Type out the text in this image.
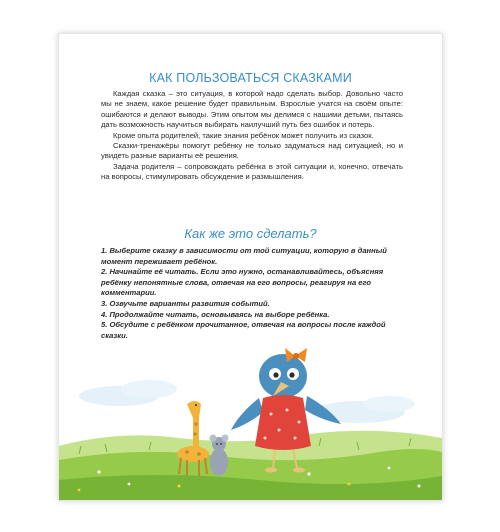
КАК ПОЛЬЗОВАТЬСЯ СКАЗКАМИ

Каждая сказка – это ситуация, в которой надо сделать выбор. Довольно часто мы не знаем, какое решение будет правильным. Взрослые учатся на своём опыте: ошибаются и делают выводы. Этим опытом мы делимся с нашими детьми, пытаясь дать возможность научиться выбирать наилучший путь без ошибок и потерь.

Кроме опыта родителей, такие знания ребёнок может получить из сказок.

Сказки-тренажёры помогут ребёнку не только задуматься над ситуацией, но и увидеть разные варианты её решения.

Задача родителя – сопровождать ребёнка в этой ситуации и, конечно, отвечать на вопросы, стимулировать обсуждение и размышления.

Как же это сделать?

1. Выберите сказку в зависимости от той ситуации, которую в данный момент переживает ребёнок.

2. Начинайте её читать. Если это нужно, останавливайтесь, объясняя ребёнку непонятные слова, отвечая на его вопросы, реагируя на его комментарии.

3. Озвучьте варианты развития событий.

4. Продолжайте читать, основываясь на выборе ребёнка.

5. Обсудите с ребёнком прочитанное, отвечая на вопросы после каждой сказки.
